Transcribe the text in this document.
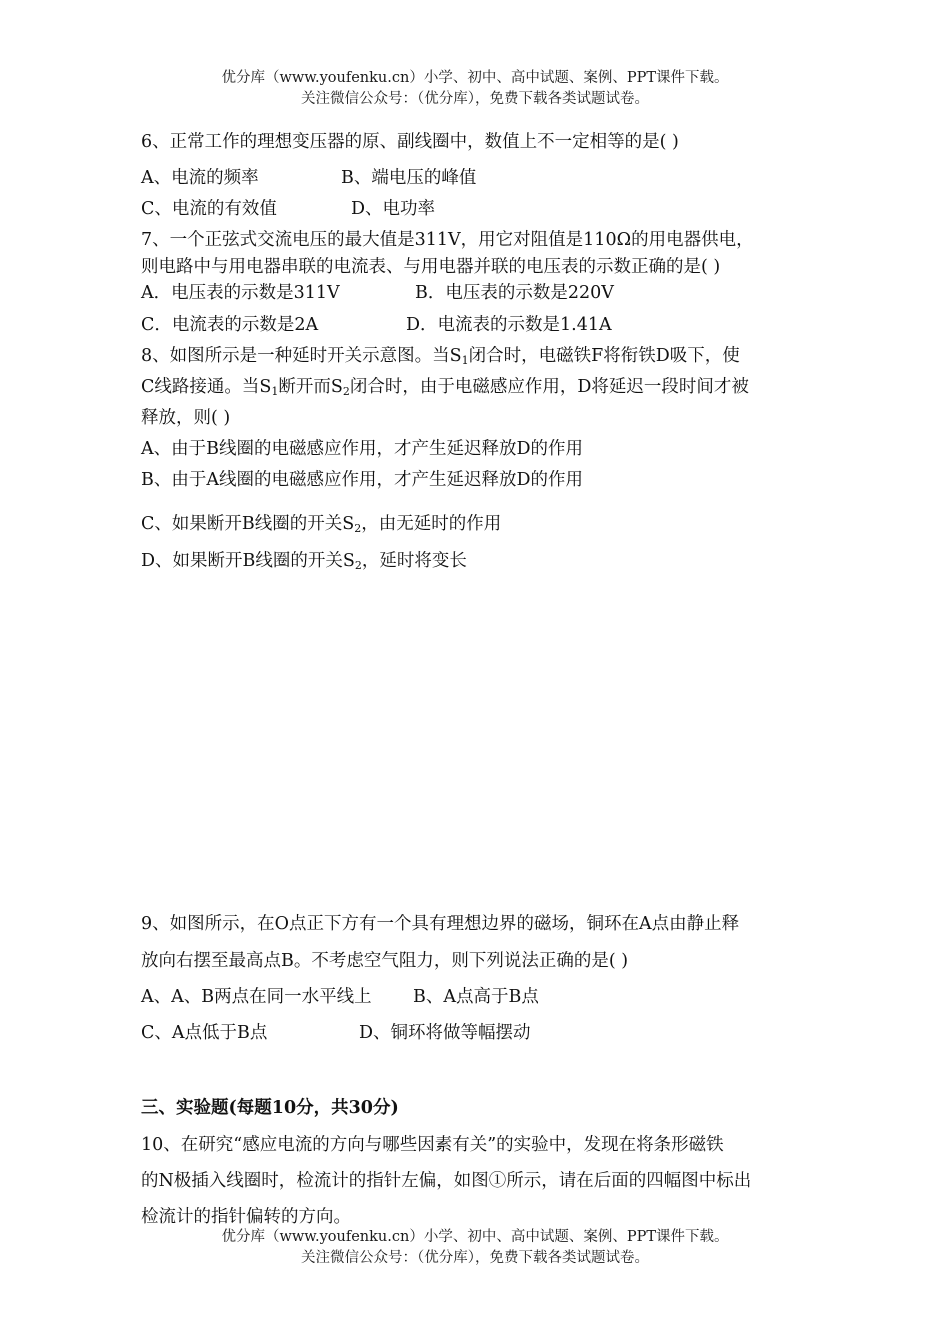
优分库（www.youfenku.cn）小学、初中、高中试题、案例、PPT课件下载。
关注微信公众号：（优分库），免费下载各类试题试卷。
6、正常工作的理想变压器的原、副线圈中，数值上不一定相等的是( )
A、电流的频率	B、端电压的峰值
C、电流的有效值	D、电功率
7、一个正弦式交流电压的最大值是311V，用它对阻值是110Ω的用电器供电，
则电路中与用电器串联的电流表、与用电器并联的电压表的示数正确的是( )
A．电压表的示数是311V	B．电压表的示数是220V
C．电流表的示数是2A	D．电流表的示数是1.41A
8、如图所示是一种延时开关示意图。当$S_1$闭合时，电磁铁F将衔铁D吸下，使
C线路接通。当$S_1$断开而$S_2$闭合时，由于电磁感应作用，D将延迟一段时间才被
释放，则( )
A、由于B线圈的电磁感应作用，才产生延迟释放D的作用
B、由于A线圈的电磁感应作用，才产生延迟释放D的作用
C、如果断开B线圈的开关$S_2$，由无延时的作用
D、如果断开B线圈的开关$S_2$，延时将变长
9、如图所示，在O点正下方有一个具有理想边界的磁场，铜环在A点由静止释
放向右摆至最高点B。不考虑空气阻力，则下列说法正确的是( )
A、A、B两点在同一水平线上 B、A点高于B点
C、A点低于B点	D、铜环将做等幅摆动
三、实验题(每题10分，共30分)
10、在研究“感应电流的方向与哪些因素有关”的实验中，发现在将条形磁铁
的N极插入线圈时，检流计的指针左偏，如图①所示，请在后面的四幅图中标出
检流计的指针偏转的方向。
优分库（www.youfenku.cn）小学、初中、高中试题、案例、PPT课件下载。
关注微信公众号：（优分库），免费下载各类试题试卷。
